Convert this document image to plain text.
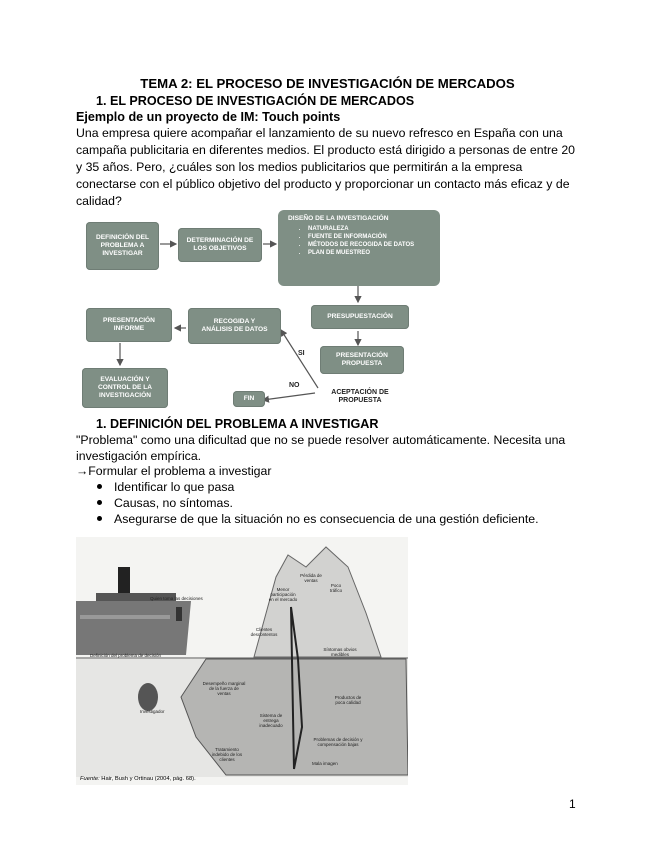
TEMA 2: EL PROCESO DE INVESTIGACIÓN DE MERCADOS
1. EL PROCESO DE INVESTIGACIÓN DE MERCADOS
Ejemplo de un proyecto de IM: Touch points
Una empresa quiere acompañar el lanzamiento de su nuevo refresco en España con una campaña publicitaria en diferentes medios. El producto está dirigido a personas de entre 20 y 35 años. Pero, ¿cuáles son los medios publicitarios que permitirán a la empresa conectarse con el público objetivo del producto y proporcionar un contacto más eficaz y de calidad?
DEFINICIÓN DEL PROBLEMA A INVESTIGAR
DETERMINACIÓN DE LOS OBJETIVOS
DISEÑO DE LA INVESTIGACIÓN
• NATURALEZA
• FUENTE DE INFORMACIÓN
• MÉTODOS DE RECOGIDA DE DATOS
• PLAN DE MUESTREO
PRESUPUESTACIÓN
PRESENTACIÓN PROPUESTA
ACEPTACIÓN DE PROPUESTA
SI
NO
FIN
RECOGIDA Y ANÁLISIS DE DATOS
PRESENTACIÓN INFORME
EVALUACIÓN Y CONTROL DE LA INVESTIGACIÓN
1. DEFINICIÓN DEL PROBLEMA A INVESTIGAR
"Problema" como una dificultad que no se puede resolver automáticamente. Necesita una investigación empírica.
→Formular el problema a investigar
Identificar lo que pasa
Causas, no síntomas.
Asegurarse de que la situación no es consecuencia de una gestión deficiente.
Quien toma las decisiones
Definición del problema de decisión
Investigador
Pérdida de ventas
Poco tráfico
Menor participación en el mercado
Clientes descontentos
Síntomas obvios medibles
Desempeño marginal de la fuerza de ventas
Productos de poca calidad
Sistema de entrega inadecuado
Problemas de decisión y compensación bajas
Tratamiento indebido de los clientes
Mala imagen
Fuente: Hair, Bush y Ortinau (2004, pág. 68).
1
